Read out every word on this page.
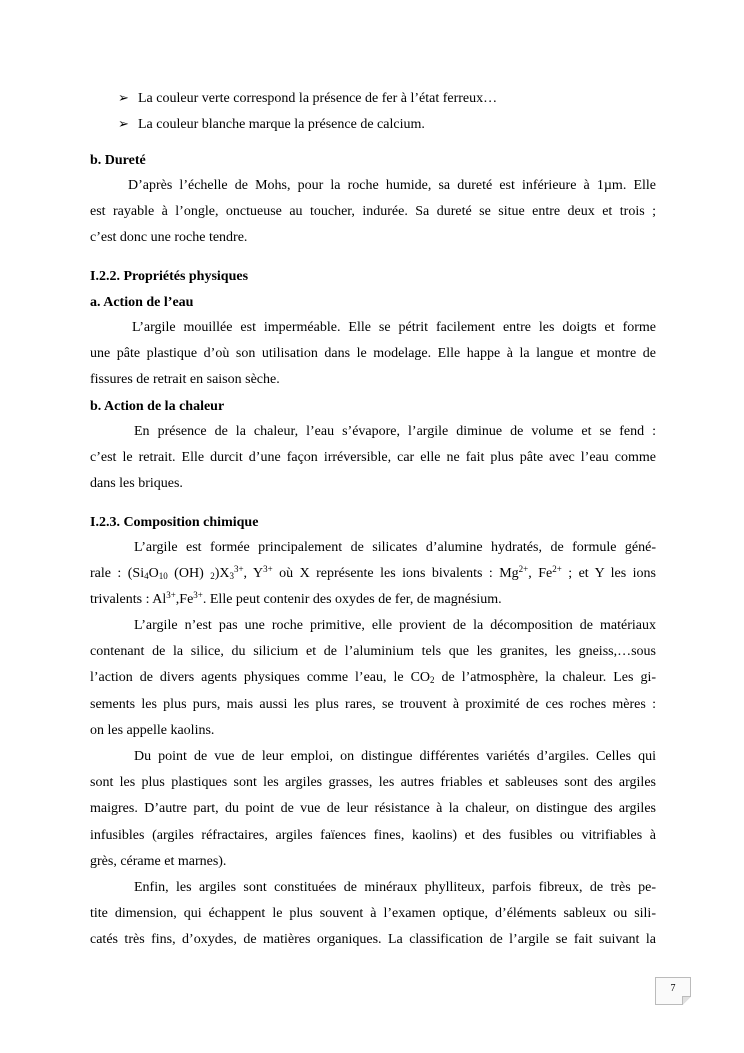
➢ La couleur verte correspond la présence de fer à l’état ferreux…
➢ La couleur blanche marque la présence de calcium.
b. Dureté
D’après l’échelle de Mohs, pour la roche humide, sa dureté est inférieure à 1µm. Elle
est rayable à l’ongle, onctueuse au toucher, indurée. Sa dureté se situe entre deux et trois ;
c’est donc une roche tendre.
I.2.2. Propriétés physiques
a. Action de l’eau
L’argile mouillée est imperméable. Elle se pétrit facilement entre les doigts et forme
une pâte plastique d’où son utilisation dans le modelage. Elle happe à la langue et montre de
fissures de retrait en saison sèche.
b. Action de la chaleur
En présence de la chaleur, l’eau s’évapore, l’argile diminue de volume et se fend :
c’est le retrait. Elle durcit d’une façon irréversible, car elle ne fait plus pâte avec l’eau comme
dans les briques.
I.2.3. Composition chimique
L’argile est formée principalement de silicates d’alumine hydratés, de formule géné-
rale : ($Si_4O_{10}$ (OH) $_2)X_3^{3+}$, $Y^{3+}$ où X représente les ions bivalents : $Mg^{2+}$, $Fe^{2+}$ ; et Y les ions
trivalents : $Al^{3+},Fe^{3+}$. Elle peut contenir des oxydes de fer, de magnésium.
L’argile n’est pas une roche primitive, elle provient de la décomposition de matériaux
contenant de la silice, du silicium et de l’aluminium tels que les granites, les gneiss,…sous
l’action de divers agents physiques comme l’eau, le $CO_2$ de l’atmosphère, la chaleur. Les gi-
sements les plus purs, mais aussi les plus rares, se trouvent à proximité de ces roches mères :
on les appelle kaolins.
Du point de vue de leur emploi, on distingue différentes variétés d’argiles. Celles qui
sont les plus plastiques sont les argiles grasses, les autres friables et sableuses sont des argiles
maigres. D’autre part, du point de vue de leur résistance à la chaleur, on distingue des argiles
infusibles (argiles réfractaires, argiles faïences fines, kaolins) et des fusibles ou vitrifiables à
grès, cérame et marnes).
Enfin, les argiles sont constituées de minéraux phylliteux, parfois fibreux, de très pe-
tite dimension, qui échappent le plus souvent à l’examen optique, d’éléments sableux ou sili-
catés très fins, d’oxydes, de matières organiques. La classification de l’argile se fait suivant la
7
